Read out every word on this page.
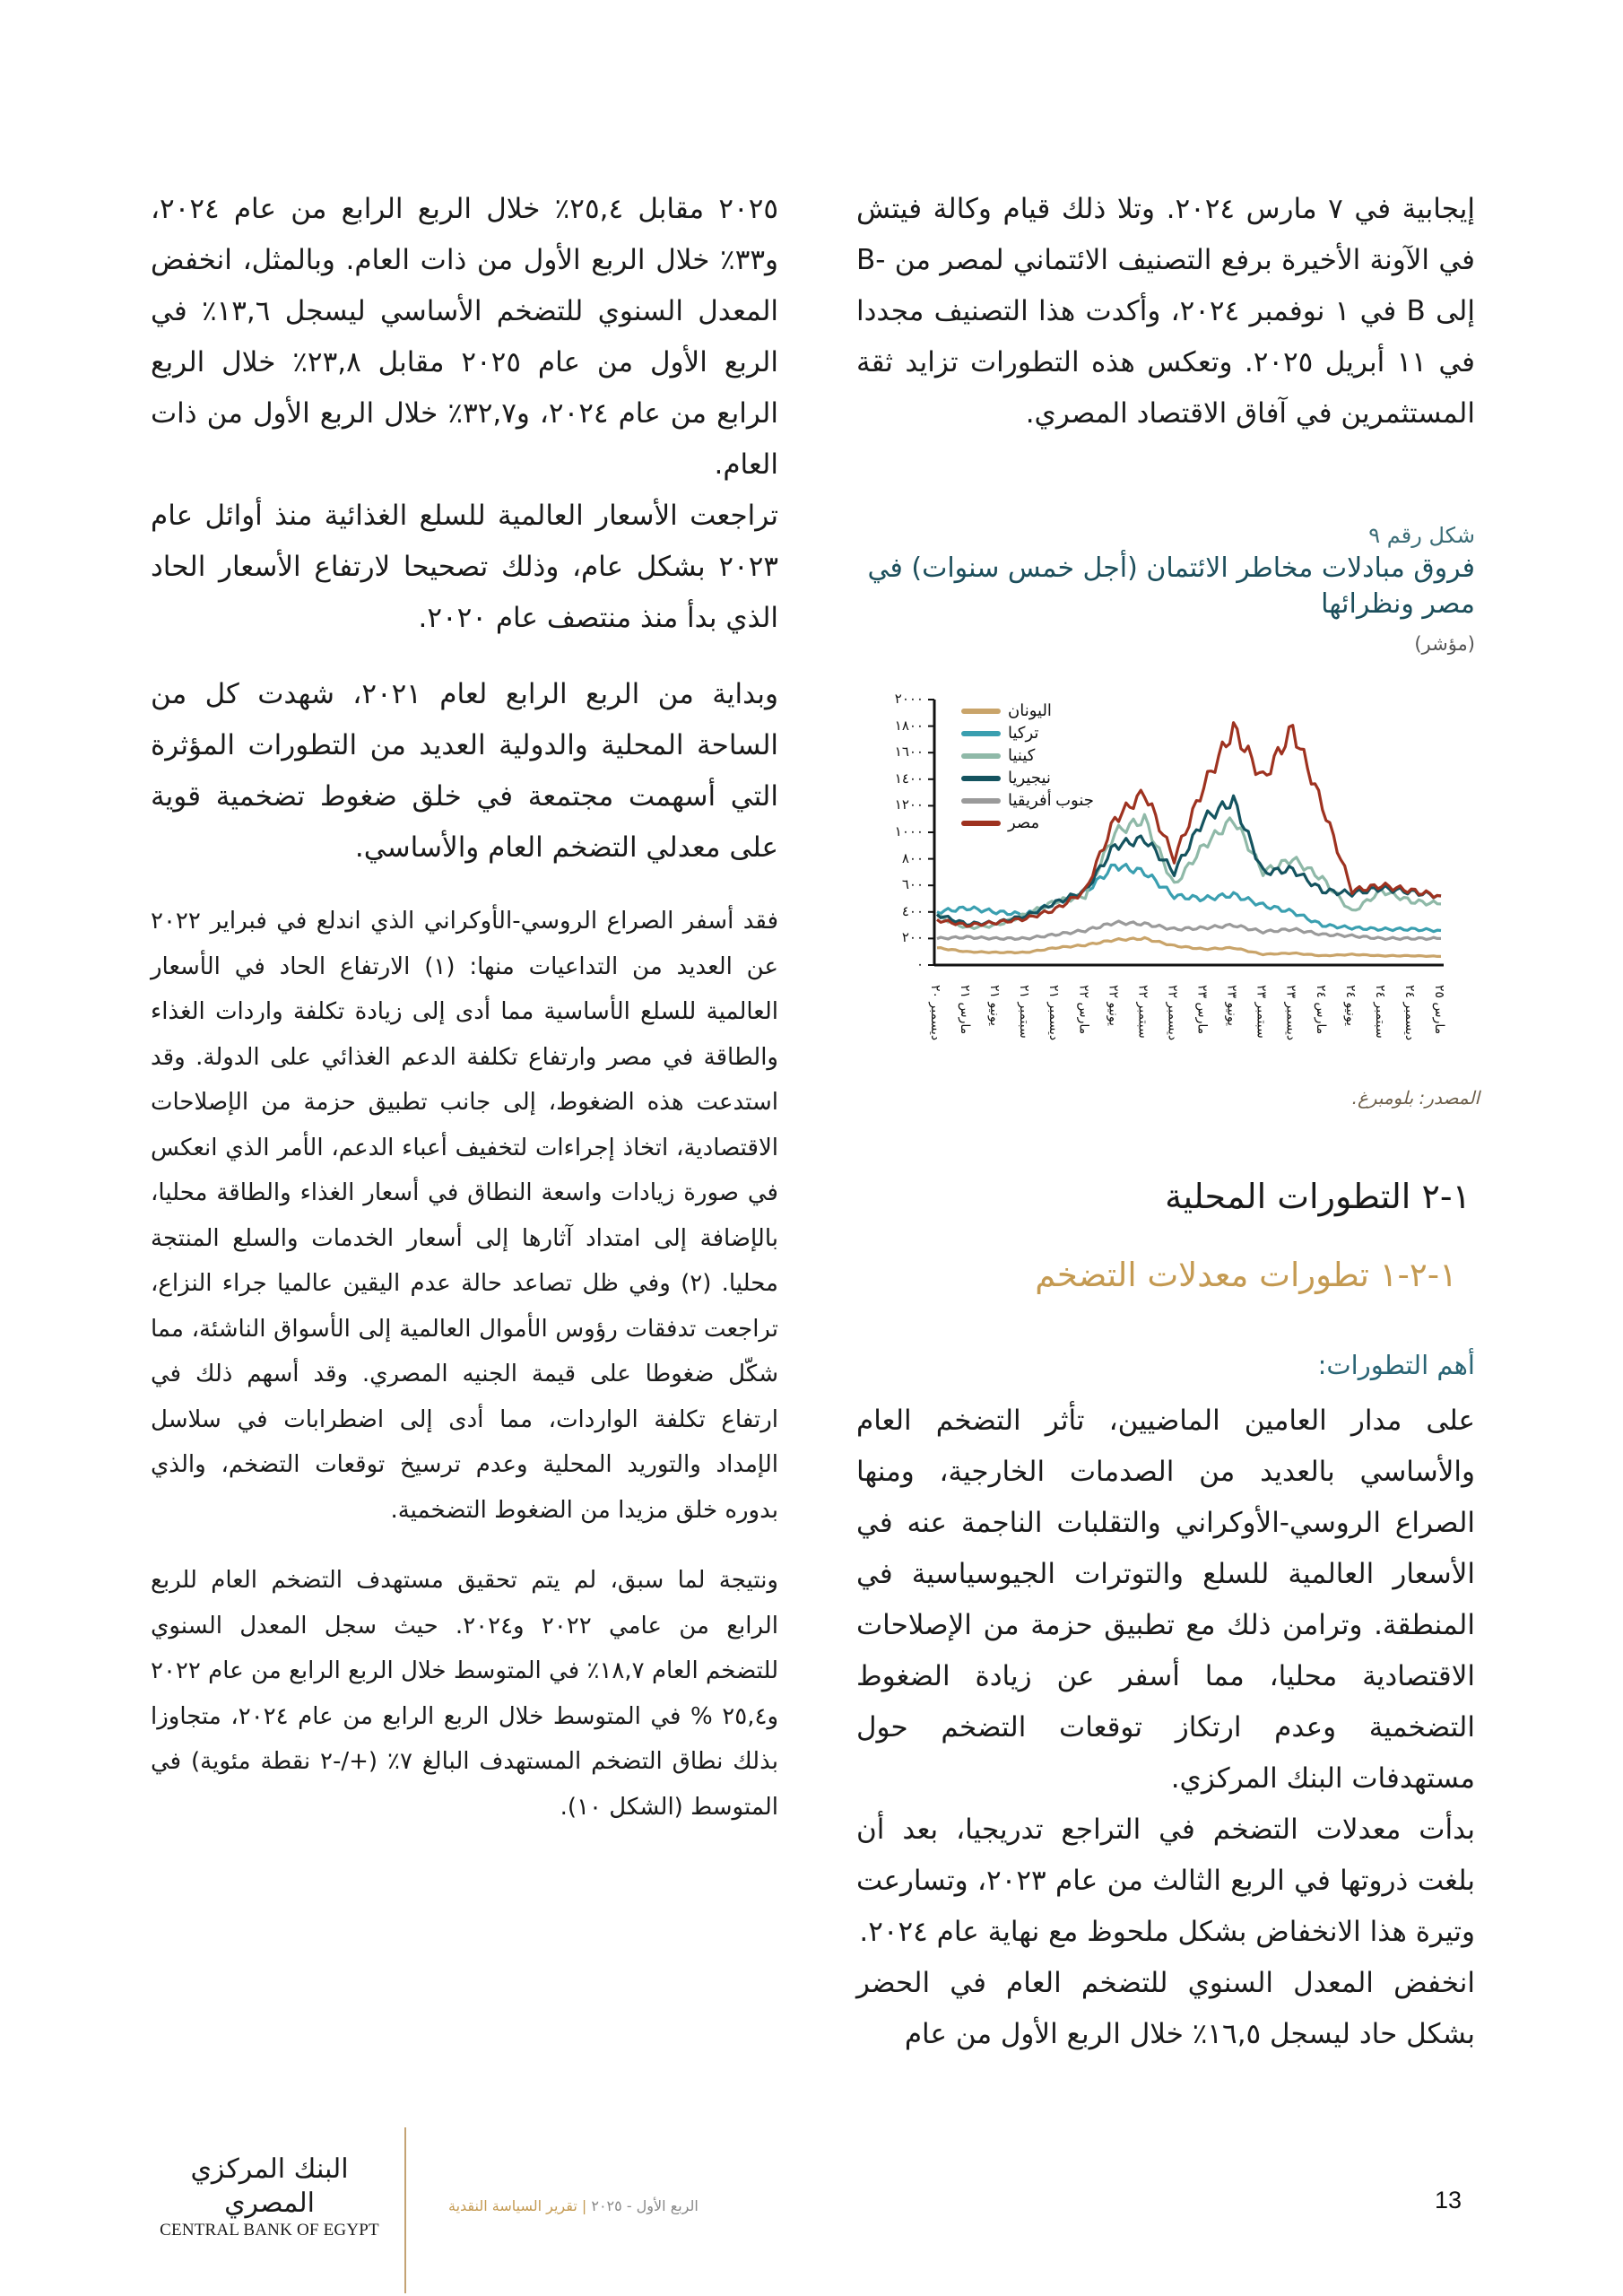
إيجابية في ٧ مارس ٢٠٢٤. وتلا ذلك قيام وكالة فيتش في الآونة الأخيرة برفع التصنيف الائتماني لمصر من -B إلى B في ١ نوفمبر ٢٠٢٤، وأكدت هذا التصنيف مجددا في ١١ أبريل ٢٠٢٥. وتعكس هذه التطورات تزايد ثقة المستثمرين في آفاق الاقتصاد المصري.

شكل رقم ٩
فروق مبادلات مخاطر الائتمان (أجل خمس سنوات) في مصر ونظرائها
(مؤشر)
٠
٢٠٠
٤٠٠
٦٠٠
٨٠٠
١٠٠٠
١٢٠٠
١٤٠٠
١٦٠٠
١٨٠٠
٢٠٠٠
ديسمبر ٢٠
مارس ٢١
يونيو ٢١
سبتمبر ٢١
ديسمبر ٢١
مارس ٢٢
يونيو ٢٢
سبتمبر ٢٢
ديسمبر ٢٢
مارس ٢٣
يونيو ٢٣
سبتمبر ٢٣
ديسمبر ٢٣
مارس ٢٤
يونيو ٢٤
سبتمبر ٢٤
ديسمبر ٢٤
مارس ٢٥
اليونان
تركيا
كينيا
نيجيريا
جنوب أفريقيا
مصر
المصدر: بلومبرغ.
١-٢ التطورات المحلية
١-٢-١ تطورات معدلات التضخم
أهم التطورات:

على مدار العامين الماضيين، تأثر التضخم العام والأساسي بالعديد من الصدمات الخارجية، ومنها الصراع الروسي-الأوكراني والتقلبات الناجمة عنه في الأسعار العالمية للسلع والتوترات الجيوسياسية في المنطقة. وترامن ذلك مع تطبيق حزمة من الإصلاحات الاقتصادية محليا، مما أسفر عن زيادة الضغوط التضخمية وعدم ارتكاز توقعات التضخم حول مستهدفات البنك المركزي.

بدأت معدلات التضخم في التراجع تدريجيا، بعد أن بلغت ذروتها في الربع الثالث من عام ٢٠٢٣، وتسارعت وتيرة هذا الانخفاض بشكل ملحوظ مع نهاية عام ٢٠٢٤.

انخفض المعدل السنوي للتضخم العام في الحضر بشكل حاد ليسجل ١٦,٥٪ خلال الربع الأول من عام

٢٠٢٥ مقابل ٢٥,٤٪ خلال الربع الرابع من عام ٢٠٢٤، و٣٣٪ خلال الربع الأول من ذات العام. وبالمثل، انخفض المعدل السنوي للتضخم الأساسي ليسجل ١٣,٦٪ في الربع الأول من عام ٢٠٢٥ مقابل ٢٣,٨٪ خلال الربع الرابع من عام ٢٠٢٤، و٣٢,٧٪ خلال الربع الأول من ذات العام.

تراجعت الأسعار العالمية للسلع الغذائية منذ أوائل عام ٢٠٢٣ بشكل عام، وذلك تصحيحا لارتفاع الأسعار الحاد الذي بدأ منذ منتصف عام ٢٠٢٠.

وبداية من الربع الرابع لعام ٢٠٢١، شهدت كل من الساحة المحلية والدولية العديد من التطورات المؤثرة التي أسهمت مجتمعة في خلق ضغوط تضخمية قوية على معدلي التضخم العام والأساسي.

فقد أسفر الصراع الروسي-الأوكراني الذي اندلع في فبراير ٢٠٢٢ عن العديد من التداعيات منها: (١) الارتفاع الحاد في الأسعار العالمية للسلع الأساسية مما أدى إلى زيادة تكلفة واردات الغذاء والطاقة في مصر وارتفاع تكلفة الدعم الغذائي على الدولة. وقد استدعت هذه الضغوط، إلى جانب تطبيق حزمة من الإصلاحات الاقتصادية، اتخاذ إجراءات لتخفيف أعباء الدعم، الأمر الذي انعكس في صورة زيادات واسعة النطاق في أسعار الغذاء والطاقة محليا، بالإضافة إلى امتداد آثارها إلى أسعار الخدمات والسلع المنتجة محليا. (٢) وفي ظل تصاعد حالة عدم اليقين عالميا جراء النزاع، تراجعت تدفقات رؤوس الأموال العالمية إلى الأسواق الناشئة، مما شكّل ضغوطا على قيمة الجنيه المصري. وقد أسهم ذلك في ارتفاع تكلفة الواردات، مما أدى إلى اضطرابات في سلاسل الإمداد والتوريد المحلية وعدم ترسيخ توقعات التضخم، والذي بدوره خلق مزيدا من الضغوط التضخمية.

ونتيجة لما سبق، لم يتم تحقيق مستهدف التضخم العام للربع الرابع من عامي ٢٠٢٢ و٢٠٢٤. حيث سجل المعدل السنوي للتضخم العام ١٨,٧٪ في المتوسط خلال الربع الرابع من عام ٢٠٢٢ و٢٥,٤ % في المتوسط خلال الربع الرابع من عام ٢٠٢٤، متجاوزا بذلك نطاق التضخم المستهدف البالغ ٧٪ (+/-٢ نقطة مئوية) في المتوسط (الشكل ١٠).

البنك المركزي المصري
CENTRAL BANK OF EGYPT
الربع الأول - ٢٠٢٥ | تقرير السياسة النقدية	13
